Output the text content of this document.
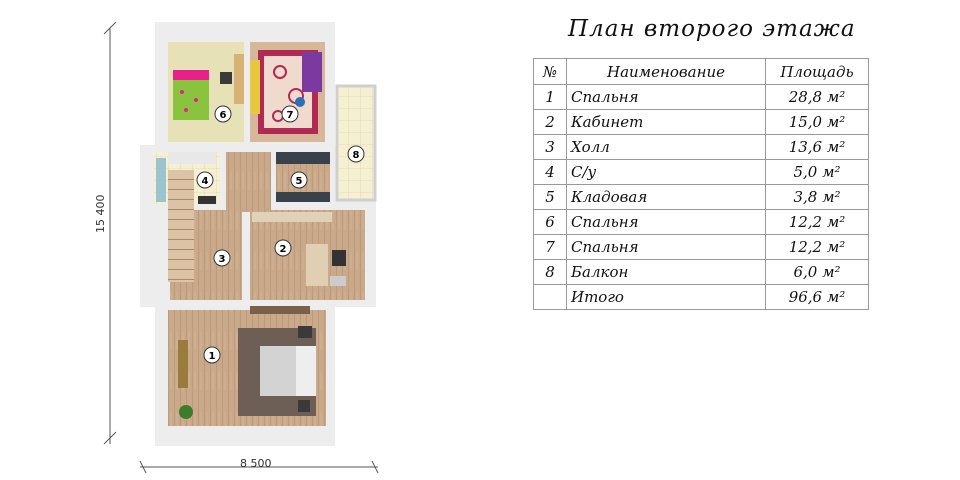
6	7
8
4	5
2
3
1
15 400
8 500
План второго этажа
№	Наименование	Площадь
1	Спальня	28,8 м²
2	Кабинет	15,0 м²
3	Холл	13,6 м²
4	С/у	5,0 м²
5	Кладовая	3,8 м²
6	Спальня	12,2 м²
7	Спальня	12,2 м²
8	Балкон	6,0 м²
	Итого	96,6 м²
